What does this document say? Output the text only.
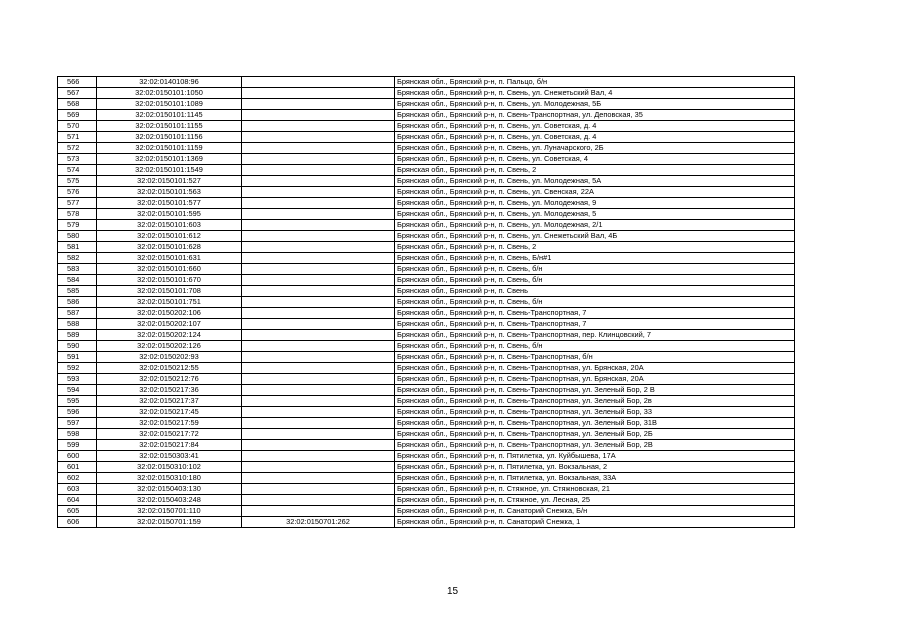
566	32:02:0140108:96		Брянская обл., Брянский р-н, п. Пальцо, б/н
567	32:02:0150101:1050		Брянская обл., Брянский р-н, п. Свень, ул. Снежетьский Вал, 4
568	32:02:0150101:1089		Брянская обл., Брянский р-н, п. Свень, ул. Молодежная, 5Б
569	32:02:0150101:1145		Брянская обл., Брянский р-н, п. Свень-Транспортная, ул. Деповская, 35
570	32:02:0150101:1155		Брянская обл., Брянский р-н, п. Свень, ул. Советская, д. 4
571	32:02:0150101:1156		Брянская обл., Брянский р-н, п. Свень, ул. Советская, д. 4
572	32:02:0150101:1159		Брянская обл., Брянский р-н, п. Свень, ул. Луначарского, 2Б
573	32:02:0150101:1369		Брянская обл., Брянский р-н, п. Свень, ул. Советская, 4
574	32:02:0150101:1549		Брянская обл., Брянский р-н, п. Свень, 2
575	32:02:0150101:527		Брянская обл., Брянский р-н, п. Свень, ул. Молодежная, 5А
576	32:02:0150101:563		Брянская обл., Брянский р-н, п. Свень, ул. Свенская, 22А
577	32:02:0150101:577		Брянская обл., Брянский р-н, п. Свень, ул. Молодежная, 9
578	32:02:0150101:595		Брянская обл., Брянский р-н, п. Свень, ул. Молодежная, 5
579	32:02:0150101:603		Брянская обл., Брянский р-н, п. Свень, ул. Молодежная, 2/1
580	32:02:0150101:612		Брянская обл., Брянский р-н, п. Свень, ул. Снежетьский Вал, 4Б
581	32:02:0150101:628		Брянская обл., Брянский р-н, п. Свень, 2
582	32:02:0150101:631		Брянская обл., Брянский р-н, п. Свень, Б/н#1
583	32:02:0150101:660		Брянская обл., Брянский р-н, п. Свень, б/н
584	32:02:0150101:670		Брянская обл., Брянский р-н, п. Свень, б/н
585	32:02:0150101:708		Брянская обл., Брянский р-н, п. Свень
586	32:02:0150101:751		Брянская обл., Брянский р-н, п. Свень, б/н
587	32:02:0150202:106		Брянская обл., Брянский р-н, п. Свень-Транспортная, 7
588	32:02:0150202:107		Брянская обл., Брянский р-н, п. Свень-Транспортная, 7
589	32:02:0150202:124		Брянская обл., Брянский р-н, п. Свень-Транспортная, пер. Клинцовский, 7
590	32:02:0150202:126		Брянская обл., Брянский р-н, п. Свень, б/н
591	32:02:0150202:93		Брянская обл., Брянский р-н, п. Свень-Транспортная, б/н
592	32:02:0150212:55		Брянская обл., Брянский р-н, п. Свень-Транспортная, ул. Брянская, 20А
593	32:02:0150212:76		Брянская обл., Брянский р-н, п. Свень-Транспортная, ул. Брянская, 20А
594	32:02:0150217:36		Брянская обл., Брянский р-н, п. Свень-Транспортная, ул. Зеленый Бор, 2 В
595	32:02:0150217:37		Брянская обл., Брянский р-н, п. Свень-Транспортная, ул. Зеленый Бор, 2в
596	32:02:0150217:45		Брянская обл., Брянский р-н, п. Свень-Транспортная, ул. Зеленый Бор, 33
597	32:02:0150217:59		Брянская обл., Брянский р-н, п. Свень-Транспортная, ул. Зеленый Бор, 31В
598	32:02:0150217:72		Брянская обл., Брянский р-н, п. Свень-Транспортная, ул. Зеленый Бор, 2Б
599	32:02:0150217:84		Брянская обл., Брянский р-н, п. Свень-Транспортная, ул. Зеленый Бор, 2В
600	32:02:0150303:41		Брянская обл., Брянский р-н, п. Пятилетка, ул. Куйбышева, 17А
601	32:02:0150310:102		Брянская обл., Брянский р-н, п. Пятилетка, ул. Вокзальная, 2
602	32:02:0150310:180		Брянская обл., Брянский р-н, п. Пятилетка, ул. Вокзальная, 33А
603	32:02:0150403:130		Брянская обл., Брянский р-н, п. Стяжное, ул. Стяжновская, 21
604	32:02:0150403:248		Брянская обл., Брянский р-н, п. Стяжное, ул. Лесная, 25
605	32:02:0150701:110		Брянская обл., Брянский р-н, п. Санаторий Снежка, Б/н
606	32:02:0150701:159	32:02:0150701:262	Брянская обл., Брянский р-н, п. Санаторий Снежка, 1
15
